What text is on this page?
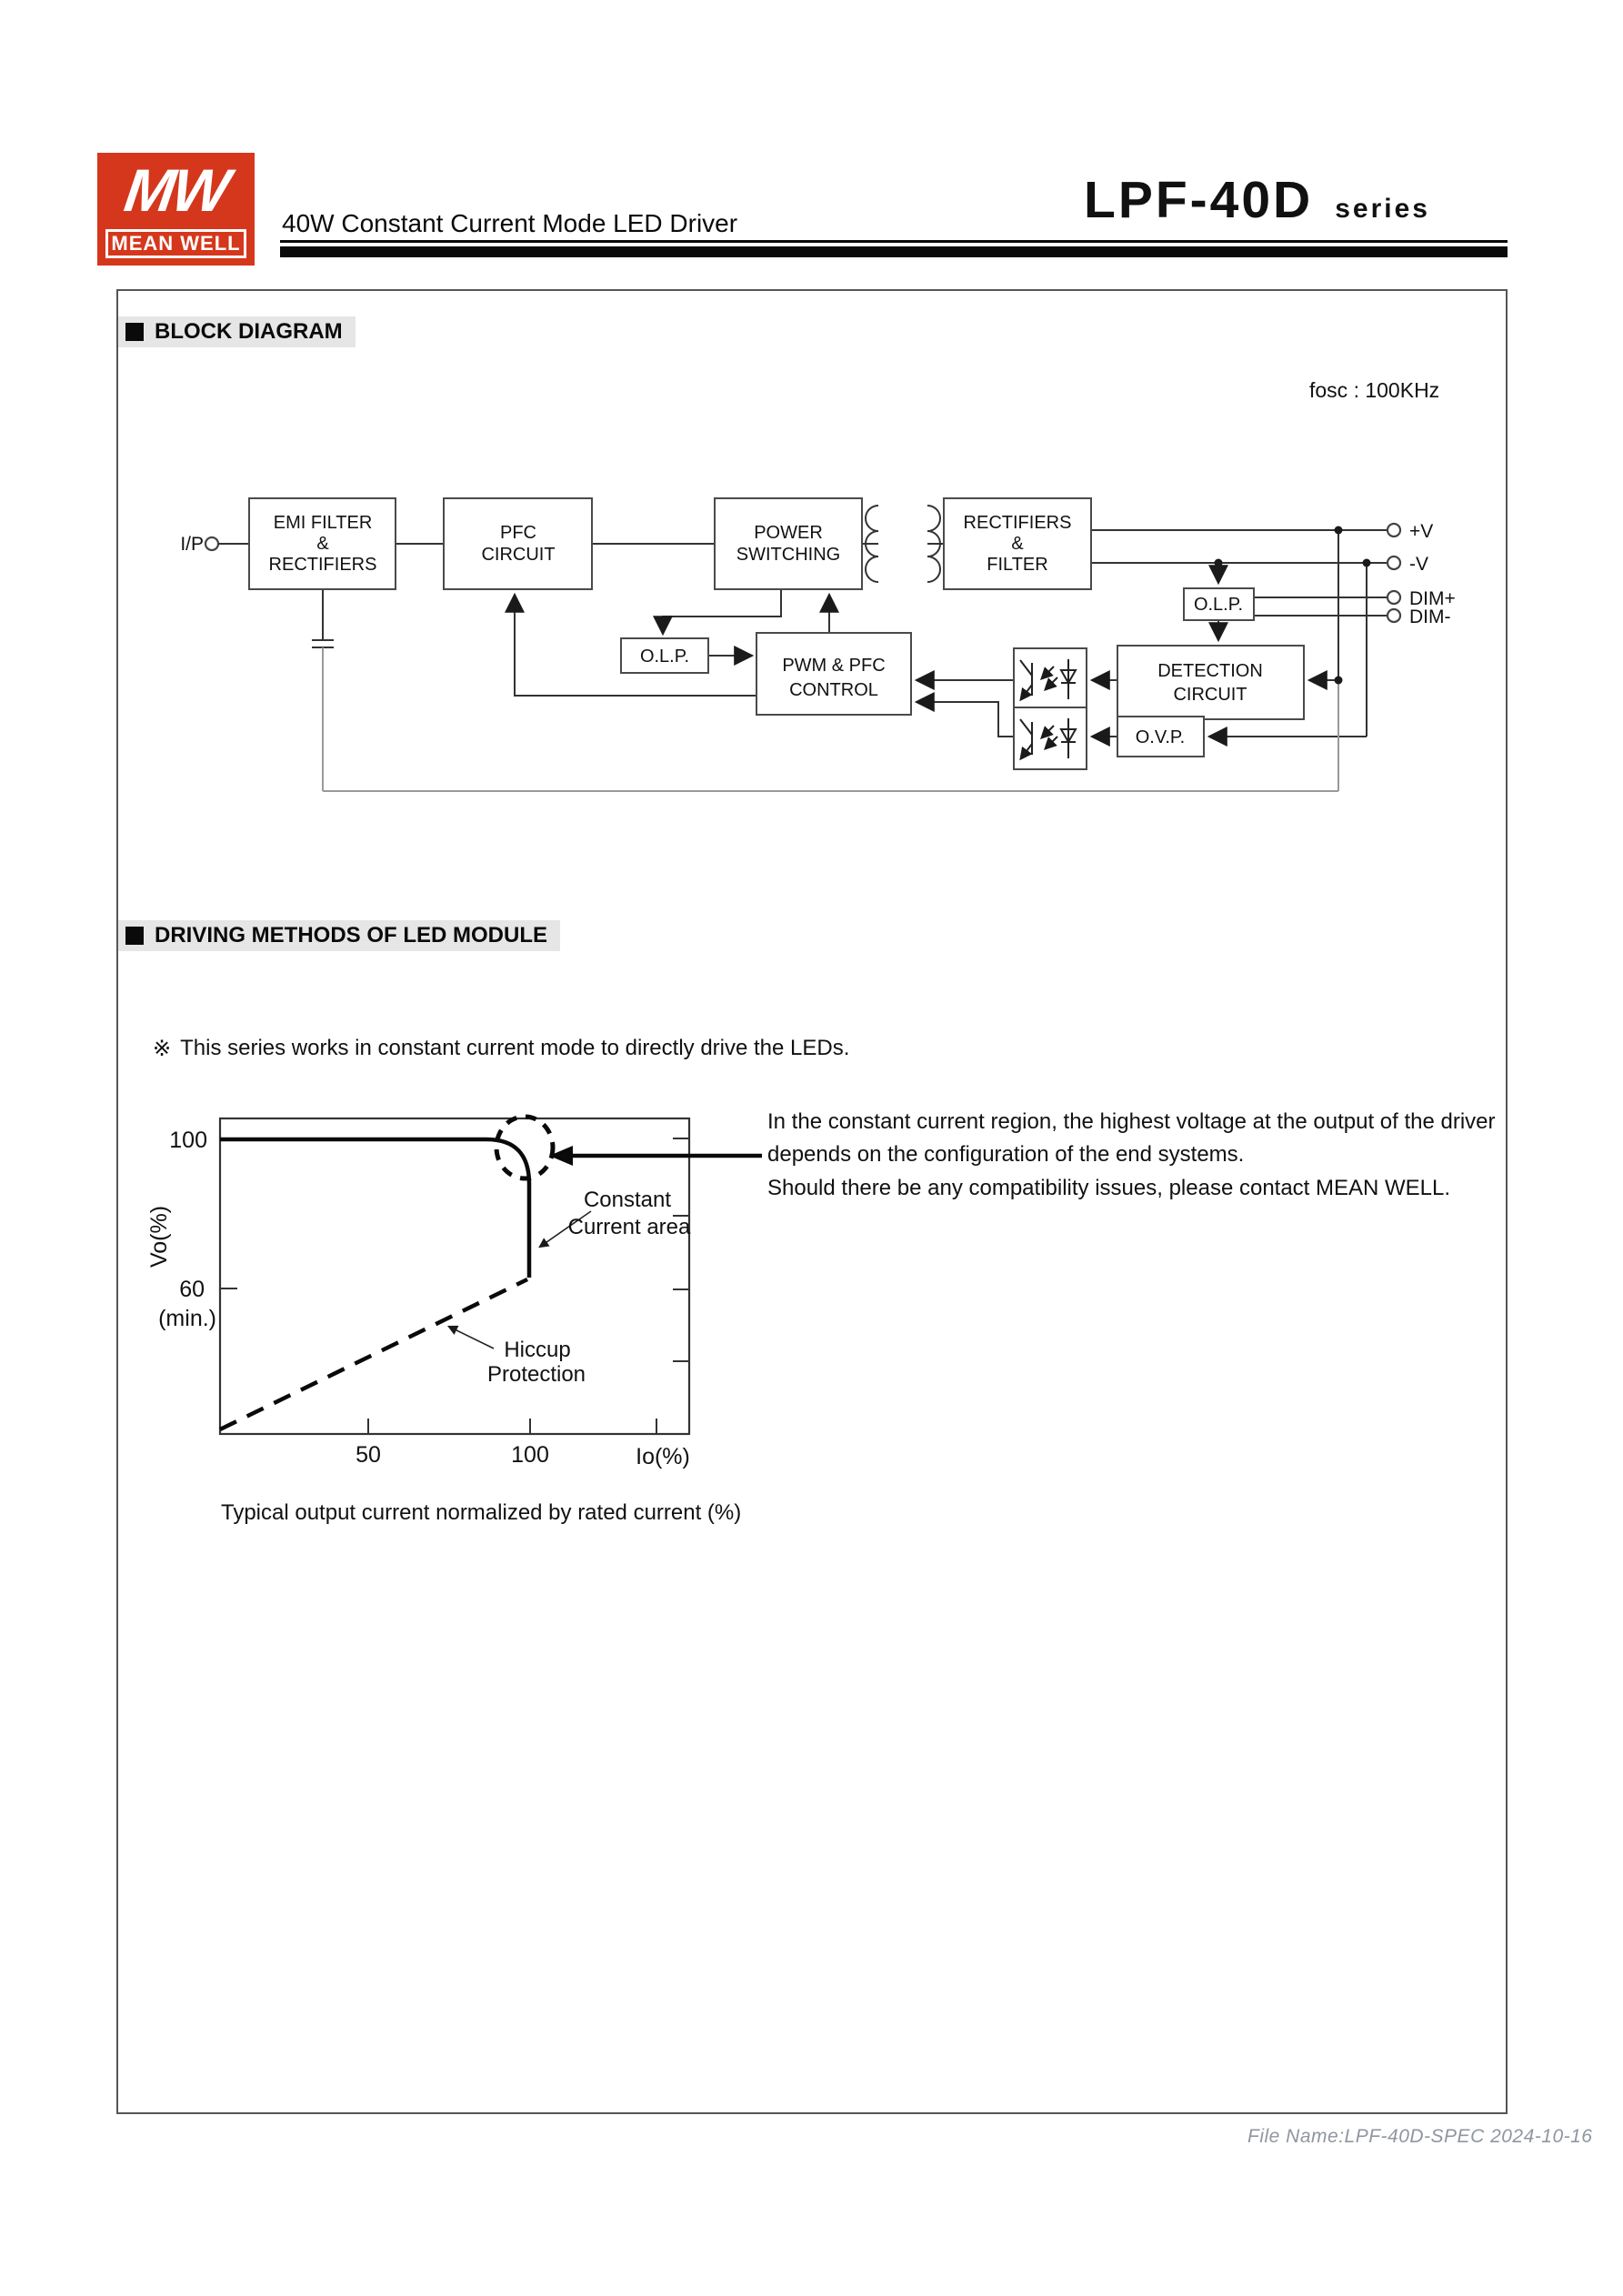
MW
MEAN WELL
40W Constant Current Mode LED Driver	LPF-40D series
BLOCK DIAGRAM
DRIVING METHODS OF LED MODULE
※ This series works in constant current mode to directly drive the LEDs.
In the constant current region, the highest voltage at the output of the driver
depends on the configuration of the end systems.
Should there be any compatibility issues, please contact MEAN WELL.
Typical output current normalized by rated current (%)
File Name:LPF-40D-SPEC 2024-10-16
fosc : 100KHz
I/P
EMI FILTER
&
RECTIFIERS
PFC
CIRCUIT
POWER
SWITCHING
RECTIFIERS
&
FILTER
O.L.P.	PWM & PFC
CONTROL
O.L.P.
DETECTION
CIRCUIT
O.V.P.
+V
-V
DIM+
DIM-
100
60
(min.)
Vo(%)
50	100	Io(%)
Constant
Current area
Hiccup
Protection
